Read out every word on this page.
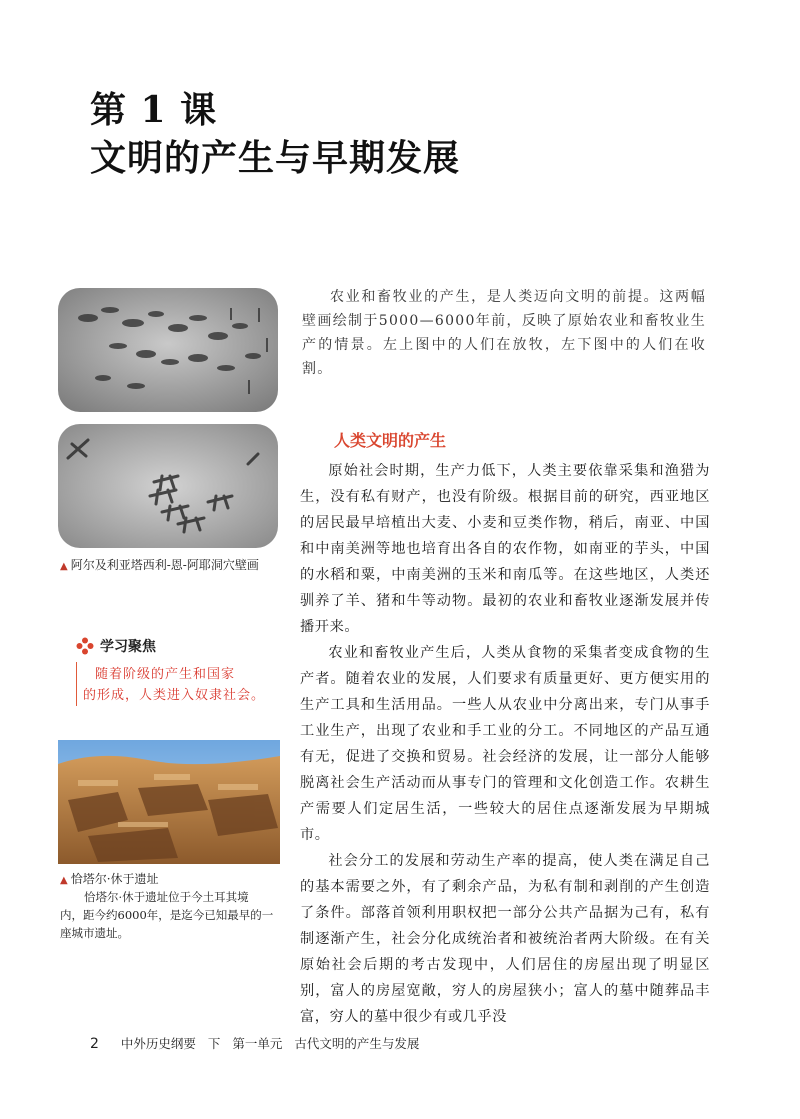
第 1 课
文明的产生与早期发展
▲ 阿尔及利亚塔西利-恩-阿耶洞穴壁画
学习聚焦
随着阶级的产生和国家
的形成，人类进入奴隶社会。
▲ 恰塔尔·休于遗址
恰塔尔·休于遗址位于今土耳其境
内，距今约6000年，是迄今已知最早的一
座城市遗址。

农业和畜牧业的产生，是人类迈向文明的前提。这两幅壁画绘制于5000—6000年前，反映了原始农业和畜牧业生产的情景。左上图中的人们在放牧，左下图中的人们在收割。

人类文明的产生

原始社会时期，生产力低下，人类主要依靠采集和渔猎为生，没有私有财产，也没有阶级。根据目前的研究，西亚地区的居民最早培植出大麦、小麦和豆类作物，稍后，南亚、中国和中南美洲等地也培育出各自的农作物，如南亚的芋头，中国的水稻和粟，中南美洲的玉米和南瓜等。在这些地区，人类还驯养了羊、猪和牛等动物。最初的农业和畜牧业逐渐发展并传播开来。

农业和畜牧业产生后，人类从食物的采集者变成食物的生产者。随着农业的发展，人们要求有质量更好、更方便实用的生产工具和生活用品。一些人从农业中分离出来，专门从事手工业生产，出现了农业和手工业的分工。不同地区的产品互通有无，促进了交换和贸易。社会经济的发展，让一部分人能够脱离社会生产活动而从事专门的管理和文化创造工作。农耕生产需要人们定居生活，一些较大的居住点逐渐发展为早期城市。

社会分工的发展和劳动生产率的提高，使人类在满足自己的基本需要之外，有了剩余产品，为私有制和剥削的产生创造了条件。部落首领利用职权把一部分公共产品据为己有，私有制逐渐产生，社会分化成统治者和被统治者两大阶级。在有关原始社会后期的考古发现中，人们居住的房屋出现了明显区别，富人的房屋宽敞，穷人的房屋狭小；富人的墓中随葬品丰富，穷人的墓中很少有或几乎没

2 中外历史纲要 下 第一单元 古代文明的产生与发展
